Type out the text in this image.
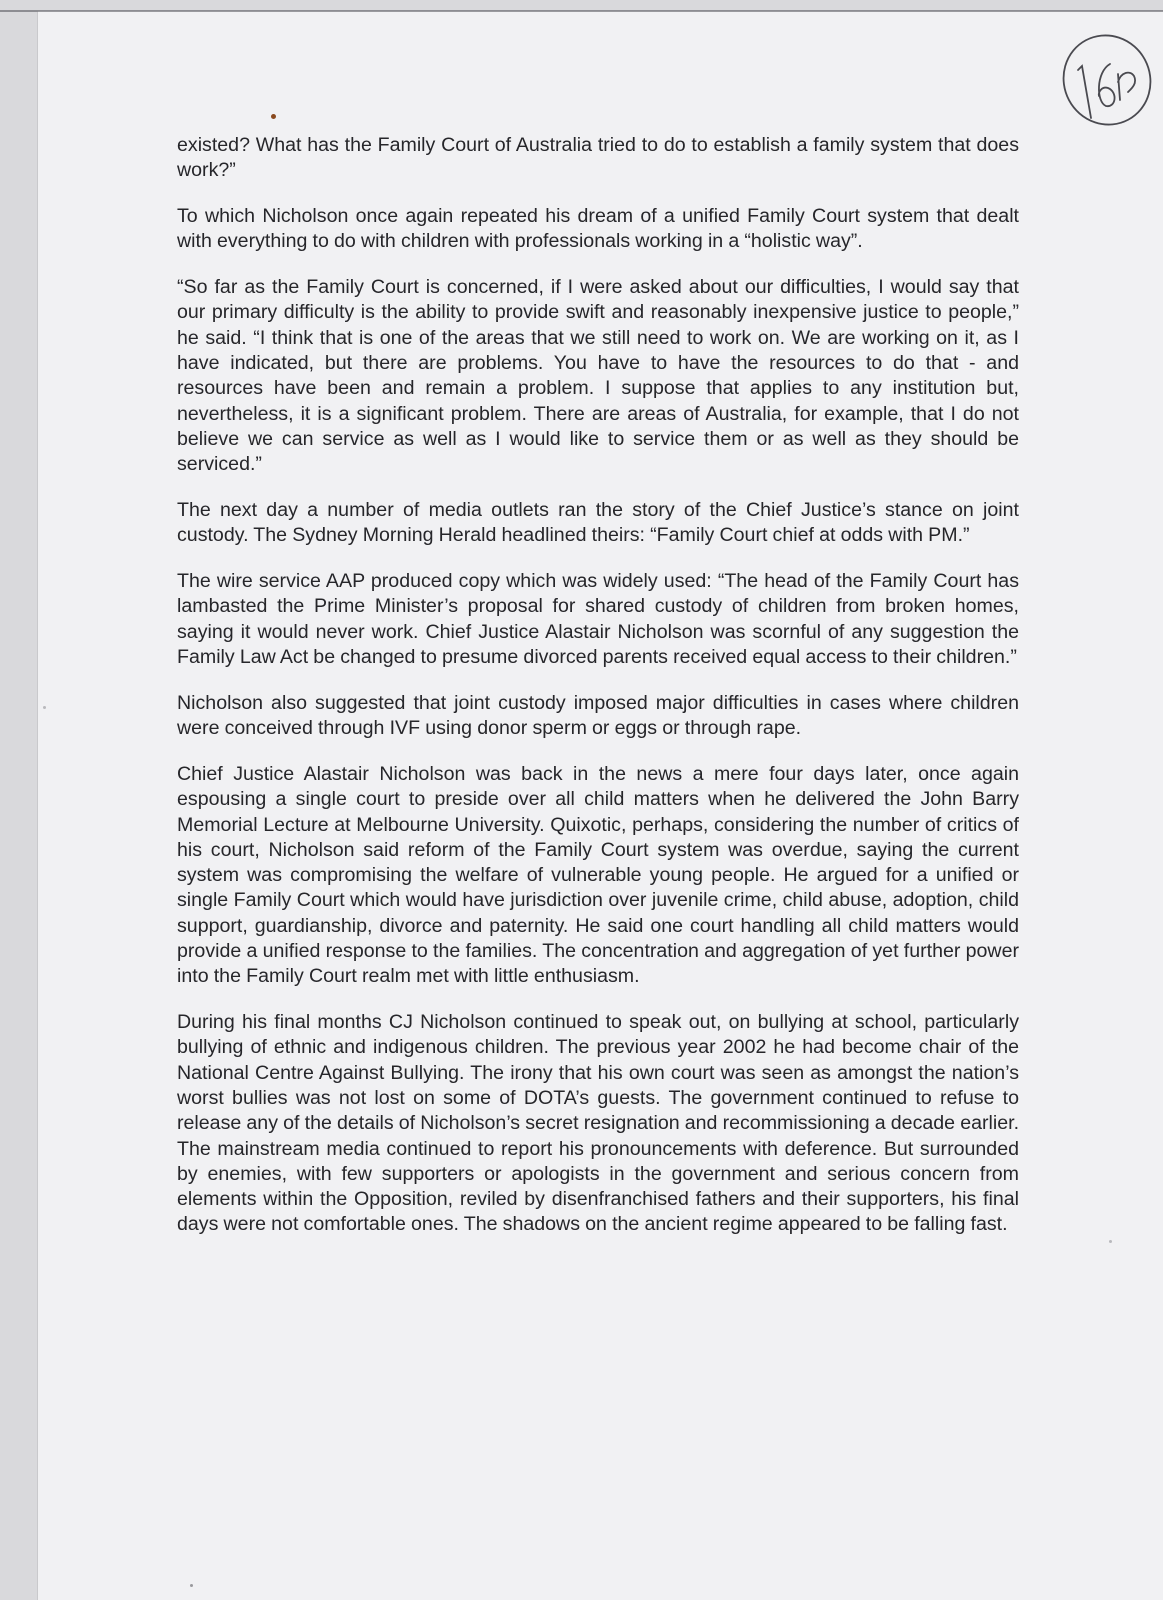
existed? What has the Family Court of Australia tried to do to establish a family system that does work?”

To which Nicholson once again repeated his dream of a unified Family Court system that dealt with everything to do with children with professionals working in a “holistic way”.

“So far as the Family Court is concerned, if I were asked about our difficulties, I would say that our primary difficulty is the ability to provide swift and reasonably inexpensive justice to people,” he said. “I think that is one of the areas that we still need to work on. We are working on it, as I have indicated, but there are problems. You have to have the resources to do that - and resources have been and remain a problem. I suppose that applies to any institution but, nevertheless, it is a significant problem. There are areas of Australia, for example, that I do not believe we can service as well as I would like to service them or as well as they should be serviced.”

The next day a number of media outlets ran the story of the Chief Justice’s stance on joint custody. The Sydney Morning Herald headlined theirs: “Family Court chief at odds with PM.”

The wire service AAP produced copy which was widely used: “The head of the Family Court has lambasted the Prime Minister’s proposal for shared custody of children from broken homes, saying it would never work. Chief Justice Alastair Nicholson was scornful of any suggestion the Family Law Act be changed to presume divorced parents received equal access to their children.”

Nicholson also suggested that joint custody imposed major difficulties in cases where children were conceived through IVF using donor sperm or eggs or through rape.

Chief Justice Alastair Nicholson was back in the news a mere four days later, once again espousing a single court to preside over all child matters when he delivered the John Barry Memorial Lecture at Melbourne University. Quixotic, perhaps, considering the number of critics of his court, Nicholson said reform of the Family Court system was overdue, saying the current system was compromising the welfare of vulnerable young people. He argued for a unified or single Family Court which would have jurisdiction over juvenile crime, child abuse, adoption, child support, guardianship, divorce and paternity. He said one court handling all child matters would provide a unified response to the families. The concentration and aggregation of yet further power into the Family Court realm met with little enthusiasm.

During his final months CJ Nicholson continued to speak out, on bullying at school, particularly bullying of ethnic and indigenous children. The previous year 2002 he had become chair of the National Centre Against Bullying. The irony that his own court was seen as amongst the nation’s worst bullies was not lost on some of DOTA’s guests. The government continued to refuse to release any of the details of Nicholson’s secret resignation and recommissioning a decade earlier. The mainstream media continued to report his pronouncements with deference. But surrounded by enemies, with few supporters or apologists in the government and serious concern from elements within the Opposition, reviled by disenfranchised fathers and their supporters, his final days were not comfortable ones. The shadows on the ancient regime appeared to be falling fast.
